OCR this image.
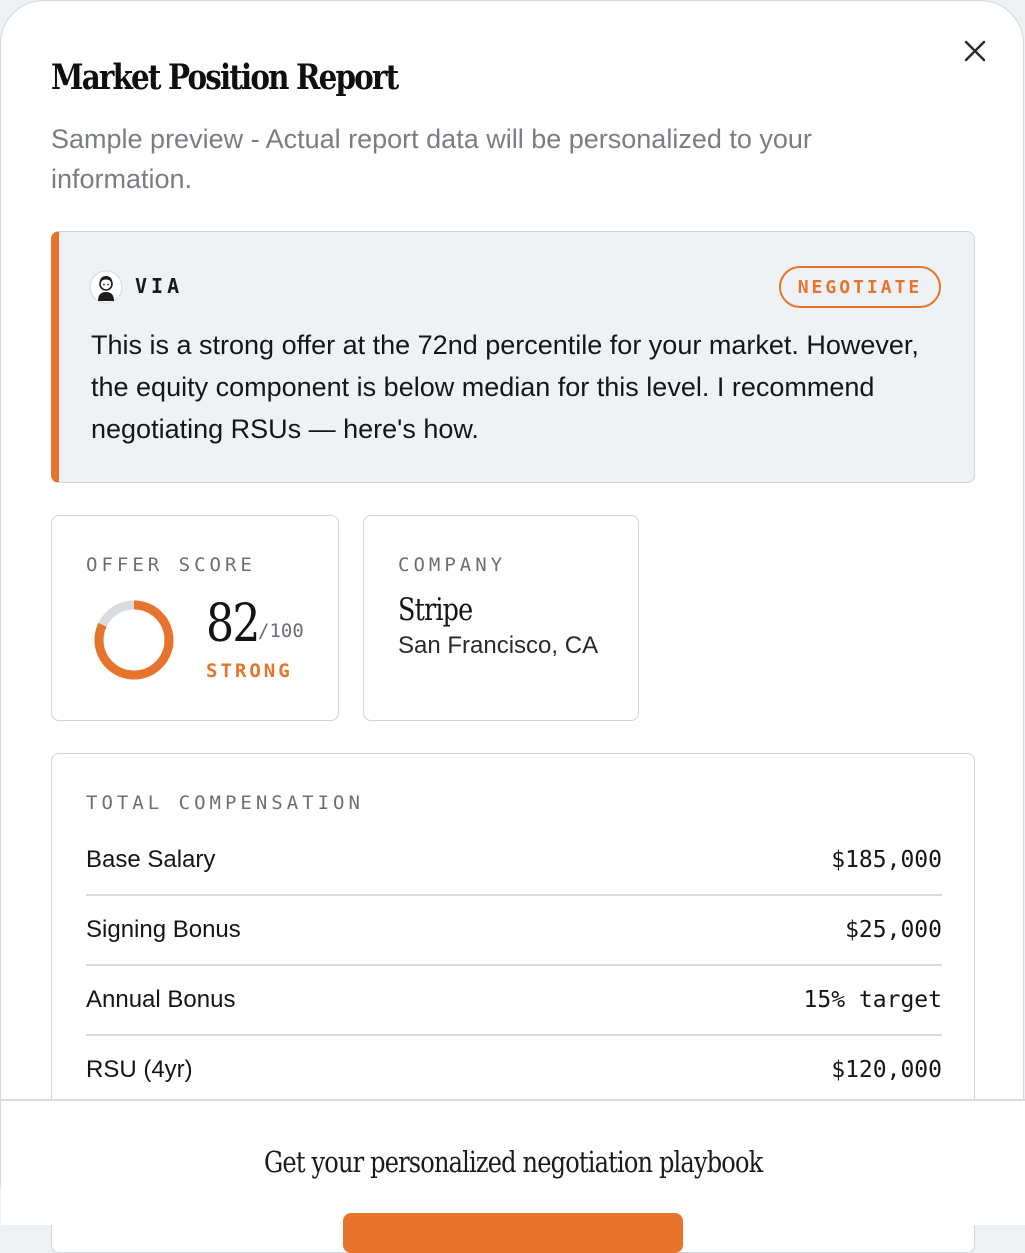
Market Position Report

Sample preview - Actual report data will be personalized to your information.

VIA	NEGOTIATE

This is a strong offer at the 72nd percentile for your market. However, the equity component is below median for this level. I recommend negotiating RSUs — here's how.

OFFER SCORE
82 /100
STRONG
COMPANY
Stripe
San Francisco, CA
TOTAL COMPENSATION
Base Salary	$185,000
Signing Bonus	$25,000
Annual Bonus	15% target
RSU (4yr)	$120,000
Get your personalized negotiation playbook
